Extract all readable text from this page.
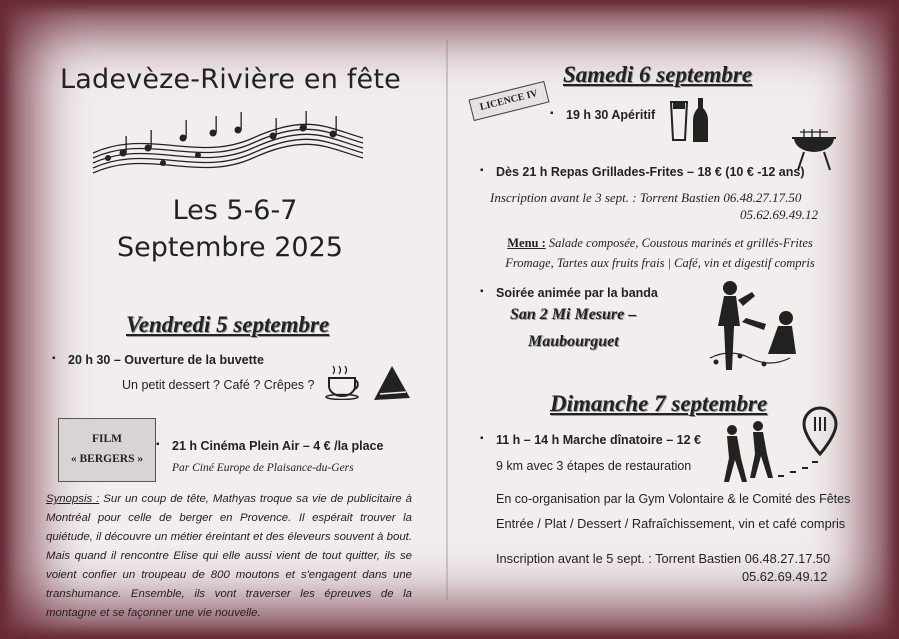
Ladevèze-Rivière en fête
Les 5-6-7
Septembre 2025
Vendredi 5 septembre
▪ 20 h 30 – Ouverture de la buvette
Un petit dessert ? Café ? Crêpes ?
FILM
« BERGERS »
▪ 21 h Cinéma Plein Air – 4 € /la place
Par Ciné Europe de Plaisance-du-Gers
Synopsis : Sur un coup de tête, Mathyas troque sa vie de publicitaire à Montréal pour celle de berger en Provence. Il espérait trouver la quiétude, il découvre un métier éreintant et des éleveurs souvent à bout. Mais quand il rencontre Elise qui elle aussi vient de tout quitter, ils se voient confier un troupeau de 800 moutons et s'engagent dans une transhumance. Ensemble, ils vont traverser les épreuves de la montagne et se façonner une vie nouvelle.
Samedi 6 septembre
LICENCE IV
▪ 19 h 30 Apéritif
▪ Dès 21 h Repas Grillades-Frites – 18 € (10 € -12 ans)
Inscription avant le 3 sept. : Torrent Bastien 06.48.27.17.50
05.62.69.49.12
Menu : Salade composée, Coustous marinés et grillés-Frites
Fromage, Tartes aux fruits frais | Café, vin et digestif compris
▪ Soirée animée par la banda
San 2 Mi Mesure –
Maubourguet
Dimanche 7 septembre
▪ 11 h – 14 h Marche dînatoire – 12 €
9 km avec 3 étapes de restauration
En co-organisation par la Gym Volontaire & le Comité des Fêtes
Entrée / Plat / Dessert / Rafraîchissement, vin et café compris
Inscription avant le 5 sept. : Torrent Bastien 06.48.27.17.50
05.62.69.49.12
